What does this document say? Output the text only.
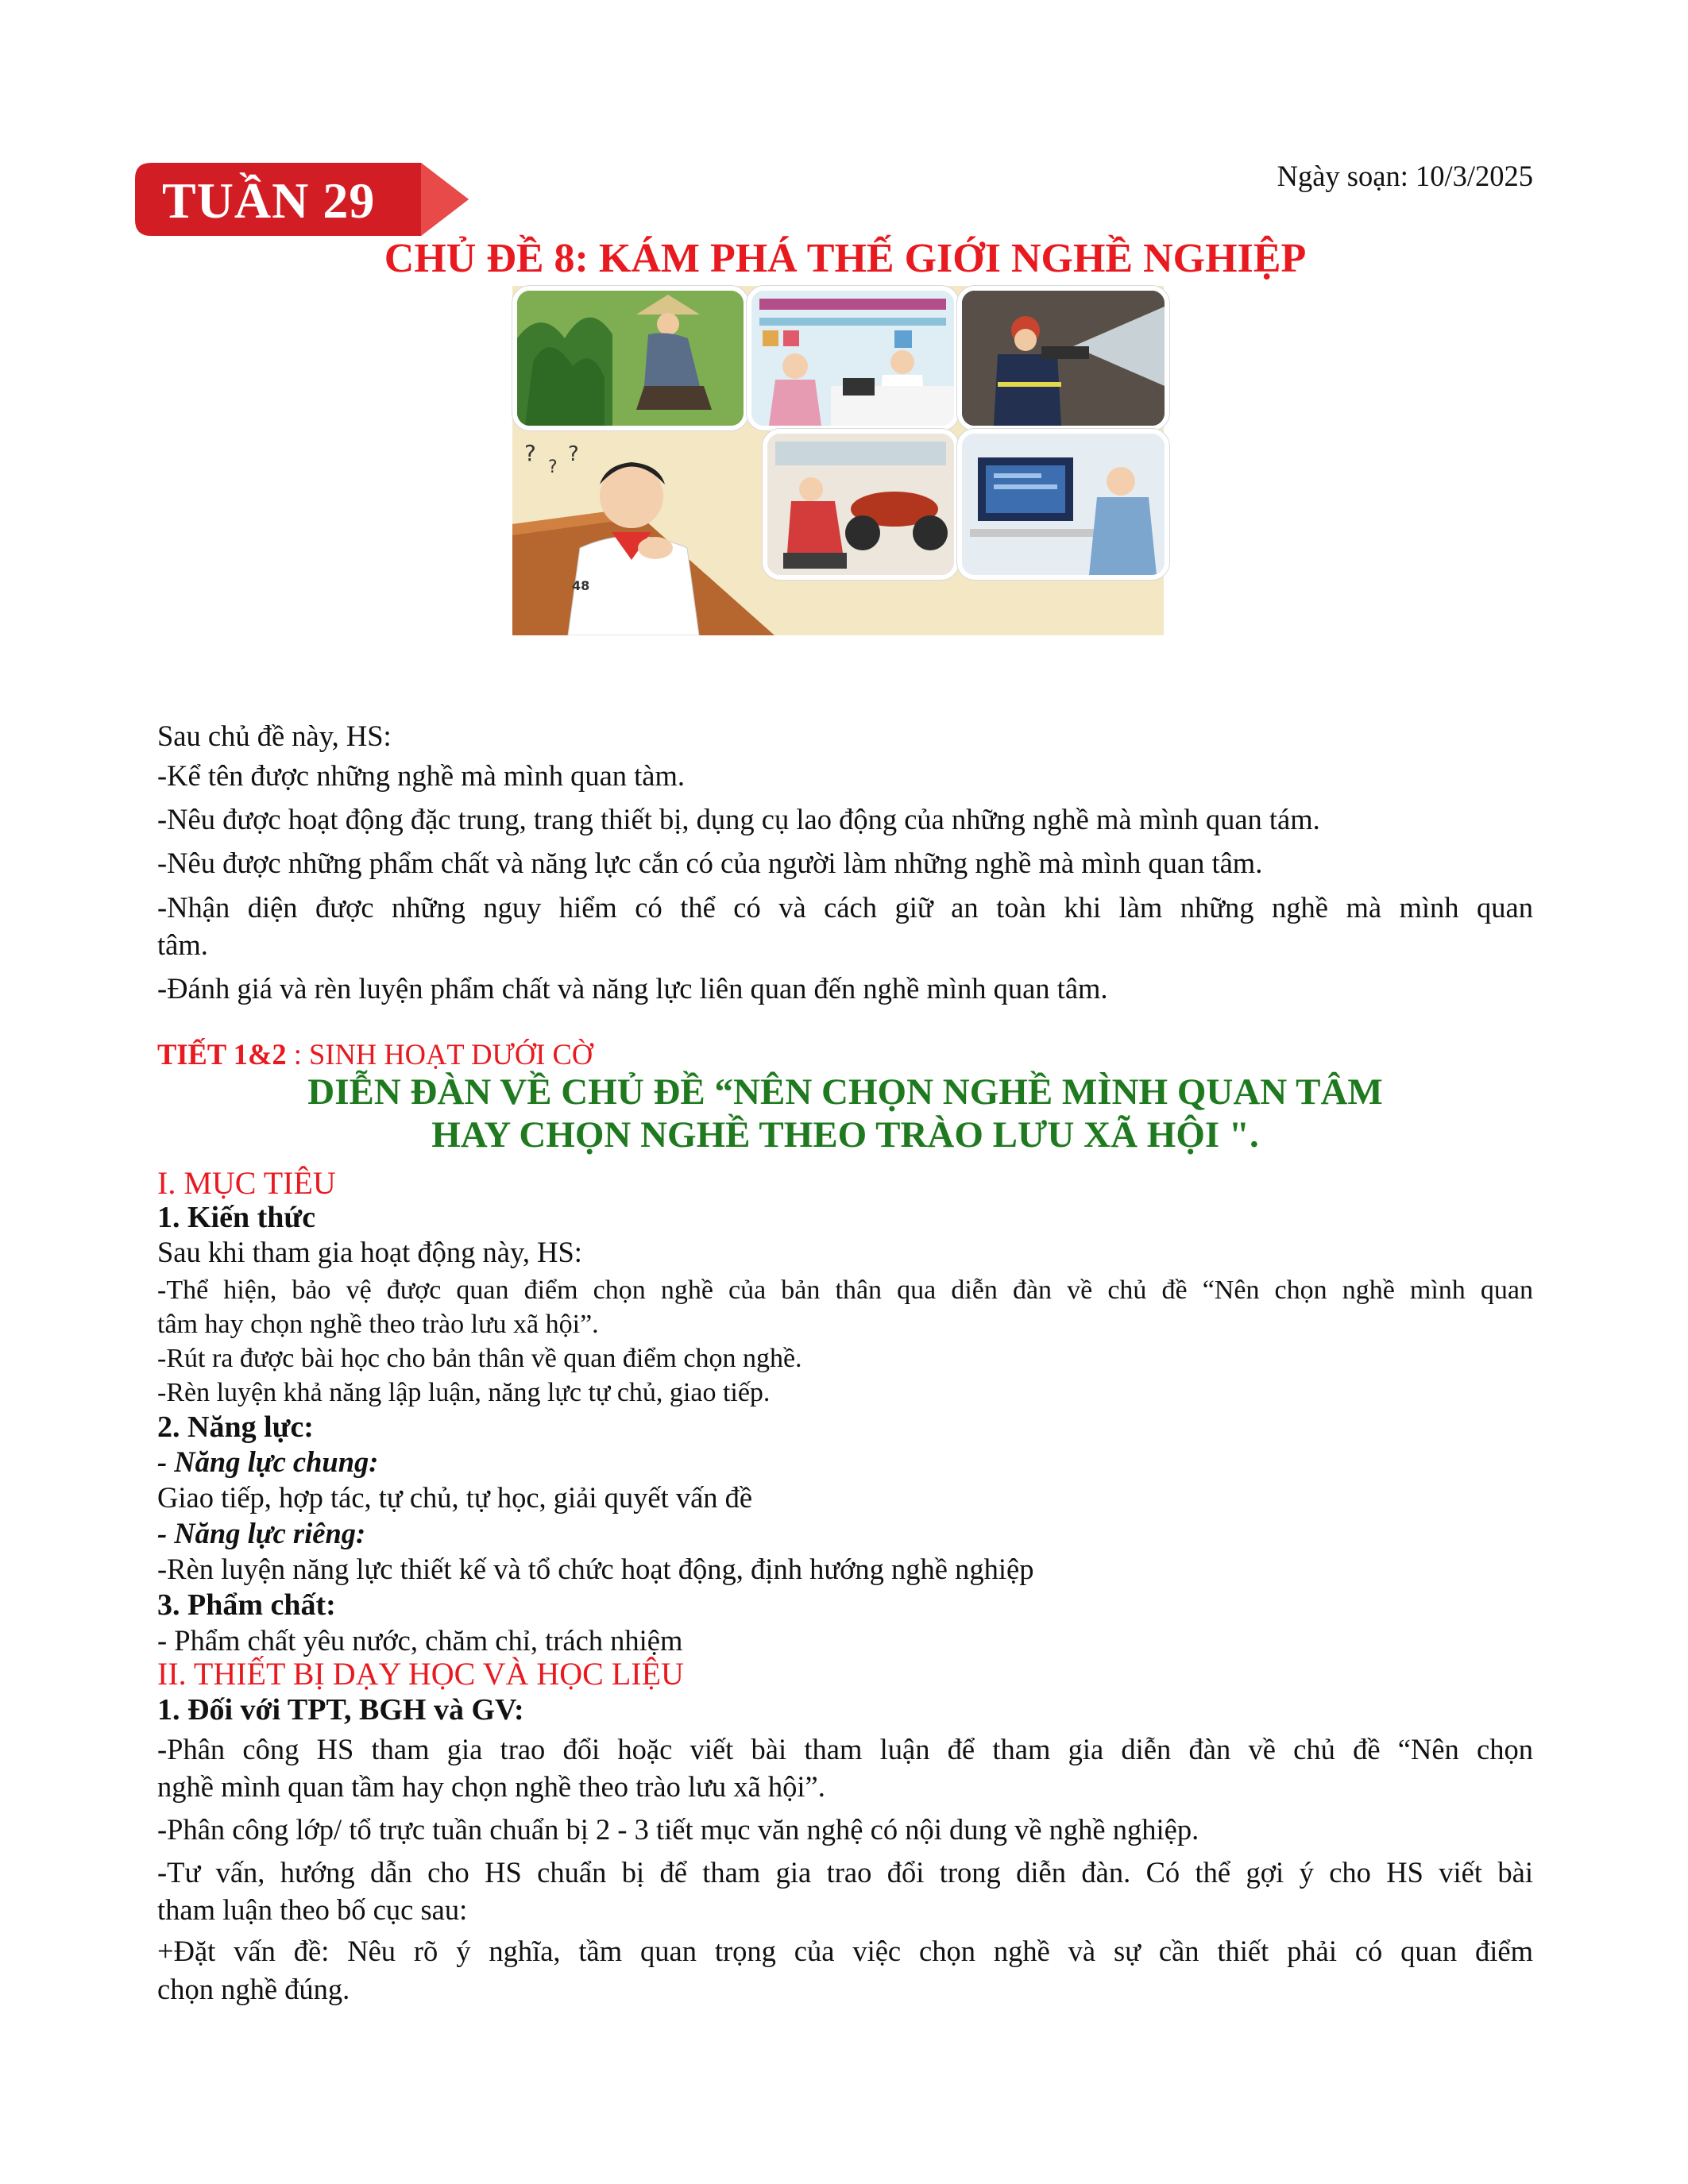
TUẦN 29	Ngày soạn: 10/3/2025
CHỦ ĐỀ 8: KÁM PHÁ THẾ GIỚI NGHỀ NGHIỆP
?
?
?
48
Sau chủ đề này, HS:
-Kể tên được những nghề mà mình quan tàm.
-Nêu được hoạt động đặc trung, trang thiết bị, dụng cụ lao động của những nghề mà mình quan tám.
-Nêu được những phẩm chất và năng lực cắn có của người làm những nghề mà mình quan tâm.
-Nhận diện được những nguy hiểm có thể có và cách giữ an toàn khi làm những nghề mà mình quan
tâm.
-Đánh giá và rèn luyện phẩm chất và năng lực liên quan đến nghề mình quan tâm.
TIẾT 1&2 : SINH HOẠT DƯỚI CỜ
DIỄN ĐÀN VỀ CHỦ ĐỀ “NÊN CHỌN NGHỀ MÌNH QUAN TÂM
HAY CHỌN NGHỀ THEO TRÀO LƯU XÃ HỘI ".
I. MỤC TIÊU
1. Kiến thức
Sau khi tham gia hoạt động này, HS:
-Thể hiện, bảo vệ được quan điểm chọn nghề của bản thân qua diễn đàn về chủ đề “Nên chọn nghề mình quan
tâm hay chọn nghề theo trào lưu xã hội”.
-Rút ra được bài học cho bản thân về quan điểm chọn nghề.
-Rèn luyện khả năng lập luận, năng lực tự chủ, giao tiếp.
2. Năng lực:
- Năng lực chung:
Giao tiếp, hợp tác, tự chủ, tự học, giải quyết vấn đề
- Năng lực riêng:
-Rèn luyện năng lực thiết kế và tổ chức hoạt động, định hướng nghề nghiệp
3. Phẩm chất:
- Phẩm chất yêu nước, chăm chỉ, trách nhiệm
II. THIẾT BỊ DẠY HỌC VÀ HỌC LIỆU
1. Đối với TPT, BGH và GV:
-Phân công HS tham gia trao đổi hoặc viết bài tham luận để tham gia diễn đàn về chủ đề “Nên chọn
nghề mình quan tầm hay chọn nghề theo trào lưu xã hội”.
-Phân công lớp/ tổ trực tuần chuẩn bị 2 - 3 tiết mục văn nghệ có nội dung về nghề nghiệp.
-Tư vấn, hướng dẫn cho HS chuẩn bị để tham gia trao đổi trong diễn đàn. Có thể gợi ý cho HS viết bài
tham luận theo bố cục sau:
+Đặt vấn đề: Nêu rõ ý nghĩa, tầm quan trọng của việc chọn nghề và sự cần thiết phải có quan điểm
chọn nghề đúng.
